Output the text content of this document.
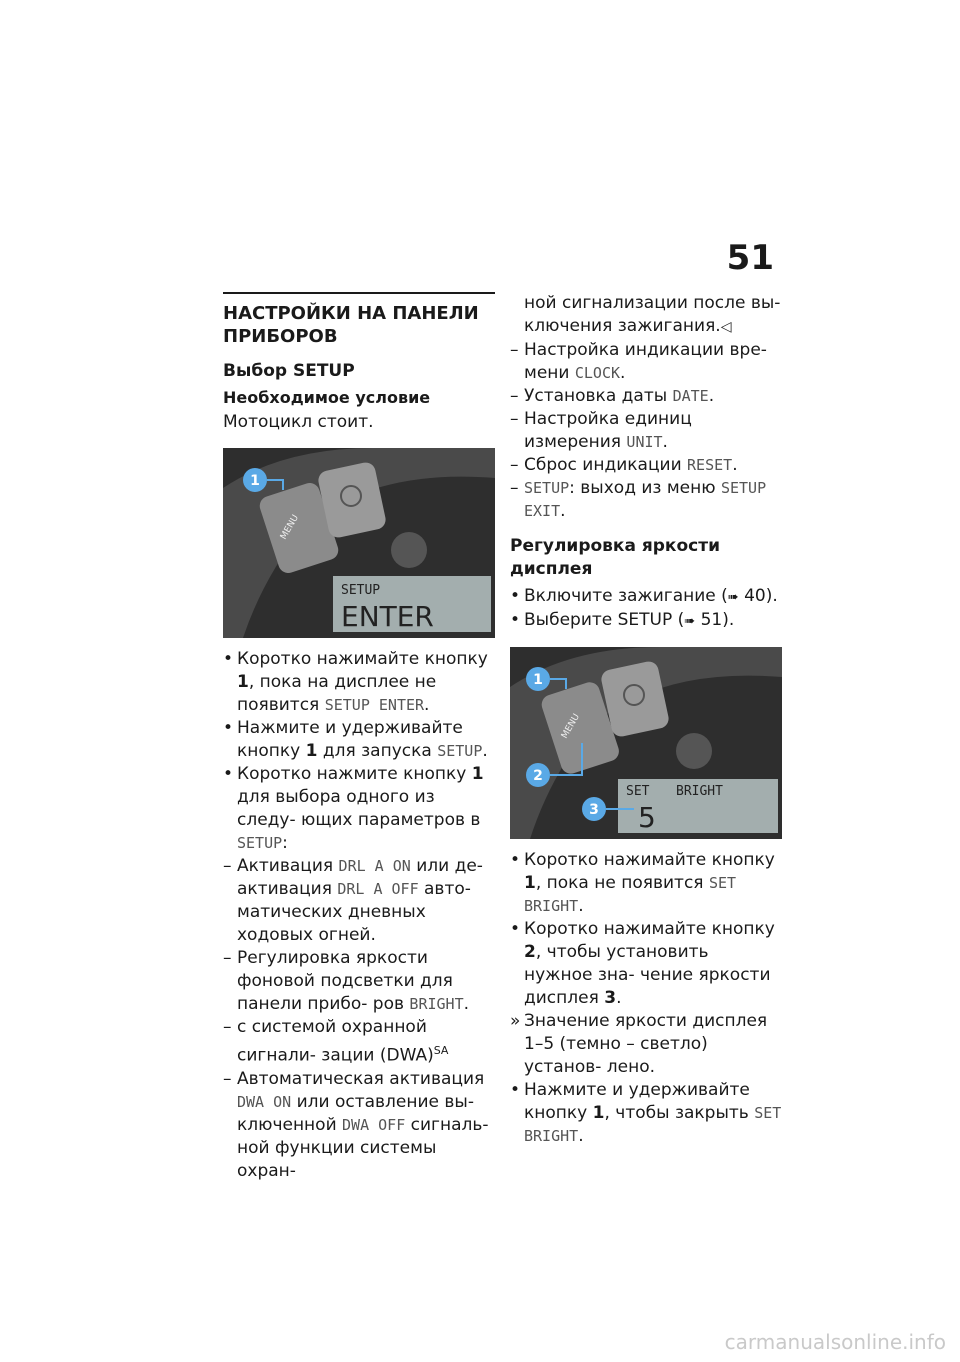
51
НАСТРОЙКИ НА ПАНЕЛИ
ПРИБОРОВ
Выбор SETUP
Необходимое условие

Мотоцикл стоит.

MENU
SETUP
ENTER
1

• Коротко нажимайте кнопку 1, пока на дисплее не появится SETUP ENTER.

• Нажмите и удерживайте кнопку 1 для запуска SETUP.

• Коротко нажмите кнопку 1 для выбора одного из следу- ющих параметров в SETUP:

– Активация DRL A ON или де- активация DRL A OFF авто- матических дневных ходовых огней.

– Регулировка яркости фоновой подсветки для панели прибо- ров BRIGHT.

– с системой охранной сигнали- зации (DWA)$^{SA}$

– Автоматическая активация DWA ON или оставление вы- ключенной DWA OFF сигналь- ной функции системы охран-

ной сигнализации после вы- ключения зажигания.◁

– Настройка индикации вре- мени CLOCK.

– Установка даты DATE.

– Настройка единиц измерения UNIT.

– Сброс индикации RESET.

– SETUP: выход из меню SETUP EXIT.

Регулировка яркости
дисплея

• Включите зажигание (➠ 40).

• Выберите SETUP (➠ 51).

MENU
SET BRIGHT
5
1
2
3

• Коротко нажимайте кнопку 1, пока не появится SET BRIGHT.

• Коротко нажимайте кнопку 2, чтобы установить нужное зна- чение яркости дисплея 3.

» Значение яркости дисплея 1–5 (темно – светло) установ- лено.

• Нажмите и удерживайте кнопку 1, чтобы закрыть SET BRIGHT.

carmanualsonline.info
